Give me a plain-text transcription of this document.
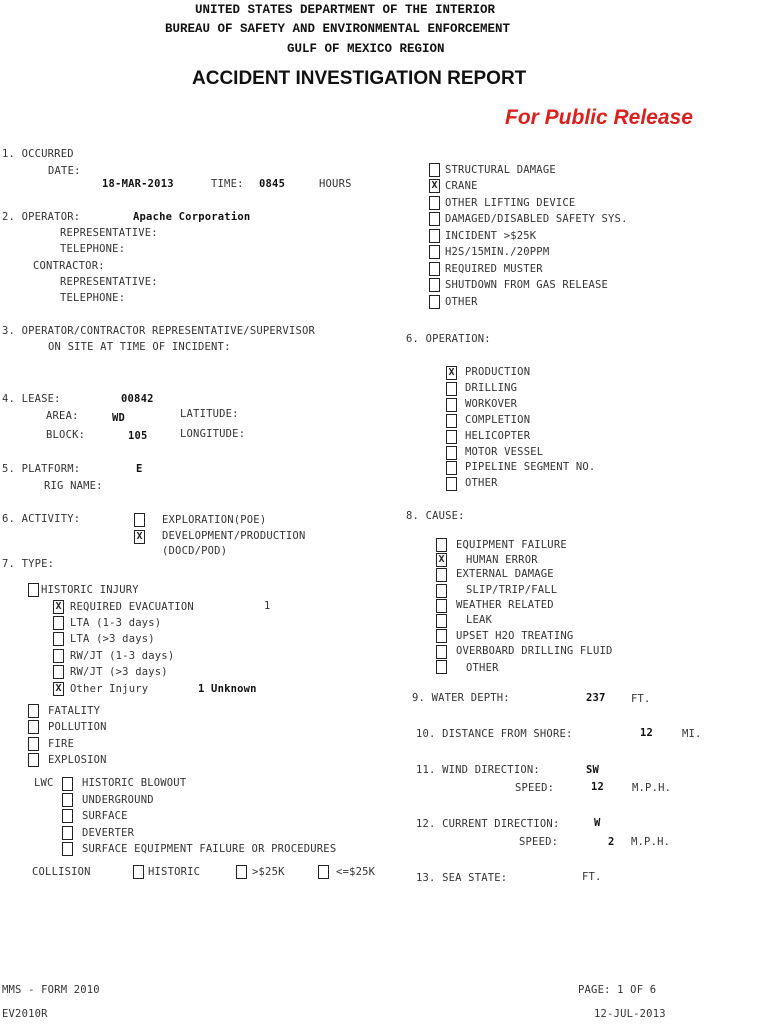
UNITED STATES DEPARTMENT OF THE INTERIOR
BUREAU OF SAFETY AND ENVIRONMENTAL ENFORCEMENT
GULF OF MEXICO REGION
ACCIDENT INVESTIGATION REPORT
For Public Release
1. OCCURRED
DATE:
18-MAR-2013	TIME: 0845	HOURS
2. OPERATOR:	Apache Corporation
REPRESENTATIVE:
TELEPHONE:
CONTRACTOR:
REPRESENTATIVE:
TELEPHONE:
3. OPERATOR/CONTRACTOR REPRESENTATIVE/SUPERVISOR
ON SITE AT TIME OF INCIDENT:
4. LEASE:	00842
AREA:	WD	LATITUDE:
BLOCK:	105	LONGITUDE:
5. PLATFORM:	E
RIG NAME:
6. ACTIVITY:	EXPLORATION(POE)
X DEVELOPMENT/PRODUCTION
(DOCD/POD)
7. TYPE:
HISTORIC INJURY
X REQUIRED EVACUATION	1
LTA (1-3 days)
LTA (>3 days)
RW/JT (1-3 days)
RW/JT (>3 days)
X Other Injury	1 Unknown
FATALITY
POLLUTION
FIRE
EXPLOSION
LWC	HISTORIC BLOWOUT
UNDERGROUND
SURFACE
DEVERTER
SURFACE EQUIPMENT FAILURE OR PROCEDURES
COLLISION	HISTORIC	>$25K	<=$25K
STRUCTURAL DAMAGE
X CRANE
OTHER LIFTING DEVICE
DAMAGED/DISABLED SAFETY SYS.
INCIDENT >$25K
H2S/15MIN./20PPM
REQUIRED MUSTER
SHUTDOWN FROM GAS RELEASE
OTHER
6. OPERATION:
X PRODUCTION
DRILLING
WORKOVER
COMPLETION
HELICOPTER
MOTOR VESSEL
PIPELINE SEGMENT NO.
OTHER
8. CAUSE:
EQUIPMENT FAILURE
X HUMAN ERROR
EXTERNAL DAMAGE
SLIP/TRIP/FALL
WEATHER RELATED
LEAK
UPSET H2O TREATING
OVERBOARD DRILLING FLUID
OTHER
9. WATER DEPTH:	237 FT.
10. DISTANCE FROM SHORE:	12	MI.
11. WIND DIRECTION:	SW
SPEED:	12	M.P.H.
12. CURRENT DIRECTION:	W
SPEED:	2 M.P.H.
13. SEA STATE:	FT.
MMS - FORM 2010	PAGE: 1 OF 6
EV2010R	12-JUL-2013
